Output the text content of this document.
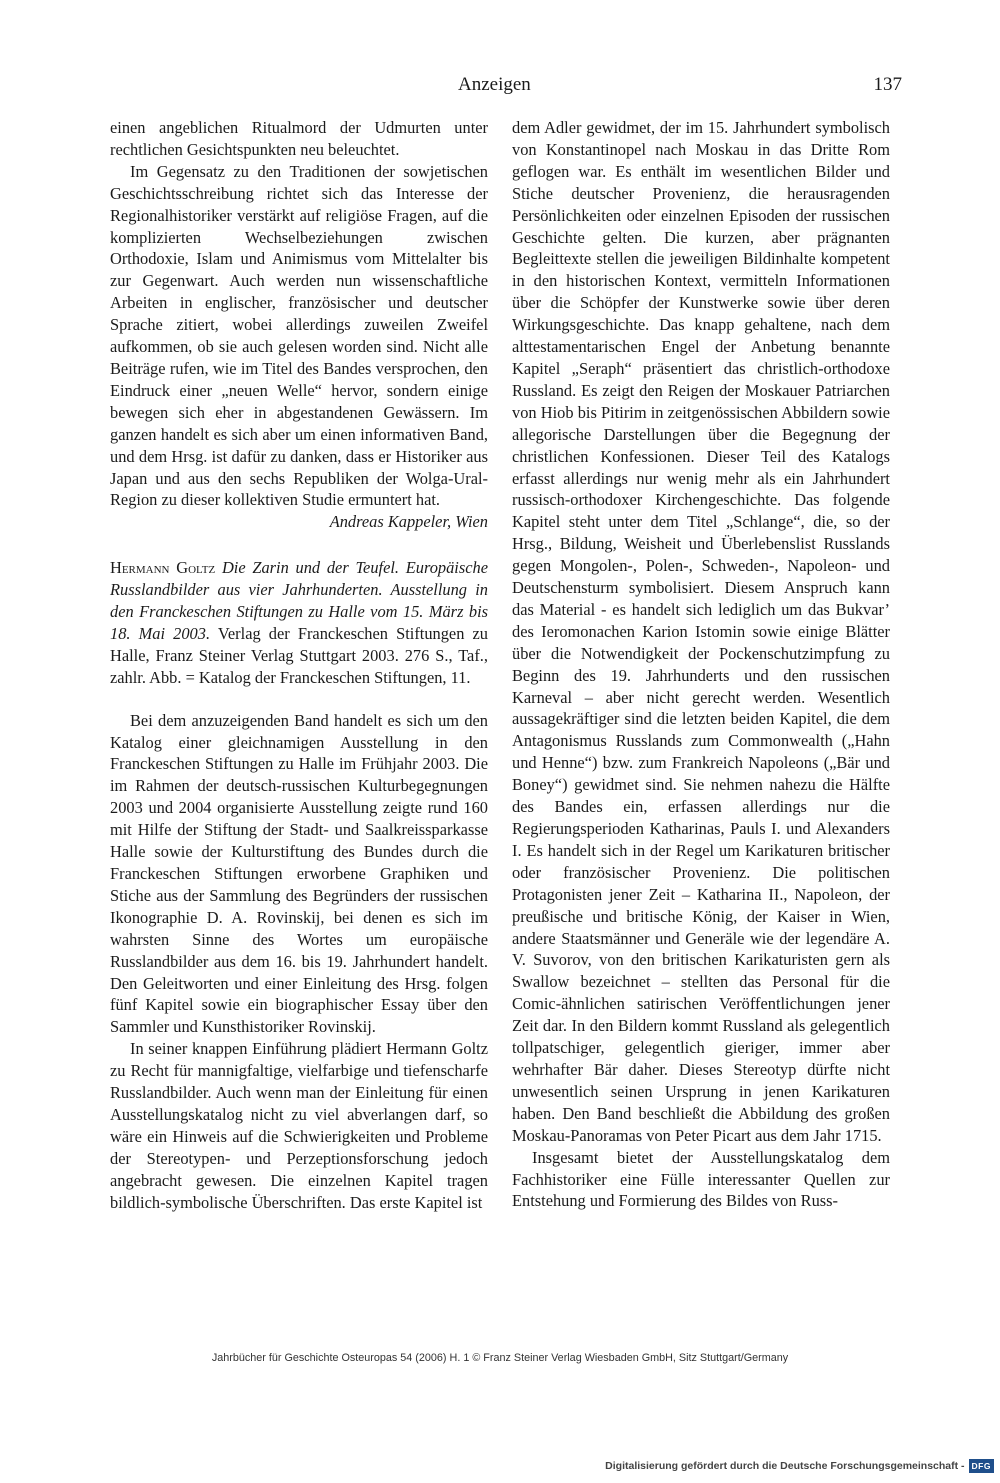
Anzeigen	137

einen angeblichen Ritualmord der Udmurten unter rechtlichen Gesichtspunkten neu beleuchtet.

Im Gegensatz zu den Traditionen der sowjetischen Geschichtsschreibung richtet sich das Interesse der Regionalhistoriker verstärkt auf religiöse Fragen, auf die komplizierten Wechselbeziehungen zwischen Orthodoxie, Islam und Animismus vom Mittelalter bis zur Gegenwart. Auch werden nun wissenschaftliche Arbeiten in englischer, französischer und deutscher Sprache zitiert, wobei allerdings zuweilen Zweifel aufkommen, ob sie auch gelesen worden sind. Nicht alle Beiträge rufen, wie im Titel des Bandes versprochen, den Eindruck einer „neuen Welle“ hervor, sondern einige bewegen sich eher in abgestandenen Gewässern. Im ganzen handelt es sich aber um einen informativen Band, und dem Hrsg. ist dafür zu danken, dass er Historiker aus Japan und aus den sechs Republiken der Wolga-Ural-Region zu dieser kollektiven Studie ermuntert hat.

Andreas Kappeler, Wien

Hermann Goltz Die Zarin und der Teufel. Europäische Russlandbilder aus vier Jahrhunderten. Ausstellung in den Franckeschen Stiftungen zu Halle vom 15. März bis 18. Mai 2003. Verlag der Franckeschen Stiftungen zu Halle, Franz Steiner Verlag Stuttgart 2003. 276 S., Taf., zahlr. Abb. = Katalog der Franckeschen Stiftungen, 11.

Bei dem anzuzeigenden Band handelt es sich um den Katalog einer gleichnamigen Ausstellung in den Franckeschen Stiftungen zu Halle im Frühjahr 2003. Die im Rahmen der deutsch-russischen Kulturbegegnungen 2003 und 2004 organisierte Ausstellung zeigte rund 160 mit Hilfe der Stiftung der Stadt- und Saalkreissparkasse Halle sowie der Kulturstiftung des Bundes durch die Franckeschen Stiftungen erworbene Graphiken und Stiche aus der Sammlung des Begründers der russischen Ikonographie D. A. Rovinskij, bei denen es sich im wahrsten Sinne des Wortes um europäische Russlandbilder aus dem 16. bis 19. Jahrhundert handelt. Den Geleitworten und einer Einleitung des Hrsg. folgen fünf Kapitel sowie ein biographischer Essay über den Sammler und Kunsthistoriker Rovinskij.

In seiner knappen Einführung plädiert Hermann Goltz zu Recht für mannigfaltige, vielfarbige und tiefenscharfe Russlandbilder. Auch wenn man der Einleitung für einen Ausstellungskatalog nicht zu viel abverlangen darf, so wäre ein Hinweis auf die Schwierigkeiten und Probleme der Stereotypen- und Perzeptionsforschung jedoch angebracht gewesen. Die einzelnen Kapitel tragen bildlich-symbolische Überschriften. Das erste Kapitel ist

dem Adler gewidmet, der im 15. Jahrhundert symbolisch von Konstantinopel nach Moskau in das Dritte Rom geflogen war. Es enthält im wesentlichen Bilder und Stiche deutscher Provenienz, die herausragenden Persönlichkeiten oder einzelnen Episoden der russischen Geschichte gelten. Die kurzen, aber prägnanten Begleittexte stellen die jeweiligen Bildinhalte kompetent in den historischen Kontext, vermitteln Informationen über die Schöpfer der Kunstwerke sowie über deren Wirkungsgeschichte. Das knapp gehaltene, nach dem alttestamentarischen Engel der Anbetung benannte Kapitel „Seraph“ präsentiert das christlich-orthodoxe Russland. Es zeigt den Reigen der Moskauer Patriarchen von Hiob bis Pitirim in zeitgenössischen Abbildern sowie allegorische Darstellungen über die Begegnung der christlichen Konfessionen. Dieser Teil des Katalogs erfasst allerdings nur wenig mehr als ein Jahrhundert russisch-orthodoxer Kirchengeschichte. Das folgende Kapitel steht unter dem Titel „Schlange“, die, so der Hrsg., Bildung, Weisheit und Überlebenslist Russlands gegen Mongolen-, Polen-, Schweden-, Napoleon- und Deutschensturm symbolisiert. Diesem Anspruch kann das Material - es handelt sich lediglich um das Bukvar’ des Ieromonachen Karion Istomin sowie einige Blätter über die Notwendigkeit der Pockenschutzimpfung zu Beginn des 19. Jahrhunderts und den russischen Karneval – aber nicht gerecht werden. Wesentlich aussagekräftiger sind die letzten beiden Kapitel, die dem Antagonismus Russlands zum Commonwealth („Hahn und Henne“) bzw. zum Frankreich Napoleons („Bär und Boney“) gewidmet sind. Sie nehmen nahezu die Hälfte des Bandes ein, erfassen allerdings nur die Regierungsperioden Katharinas, Pauls I. und Alexanders I. Es handelt sich in der Regel um Karikaturen britischer oder französischer Provenienz. Die politischen Protagonisten jener Zeit – Katharina II., Napoleon, der preußische und britische König, der Kaiser in Wien, andere Staatsmänner und Generäle wie der legendäre A. V. Suvorov, von den britischen Karikaturisten gern als Swallow bezeichnet – stellten das Personal für die Comic-ähnlichen satirischen Veröffentlichungen jener Zeit dar. In den Bildern kommt Russland als gelegentlich tollpatschiger, gelegentlich gieriger, immer aber wehrhafter Bär daher. Dieses Stereotyp dürfte nicht unwesentlich seinen Ursprung in jenen Karikaturen haben. Den Band beschließt die Abbildung des großen Moskau-Panoramas von Peter Picart aus dem Jahr 1715.

Insgesamt bietet der Ausstellungskatalog dem Fachhistoriker eine Fülle interessanter Quellen zur Entstehung und Formierung des Bildes von Russ-

Jahrbücher für Geschichte Osteuropas 54 (2006) H. 1 © Franz Steiner Verlag Wiesbaden GmbH, Sitz Stuttgart/Germany
Digitalisierung gefördert durch die Deutsche Forschungsgemeinschaft - DFG
